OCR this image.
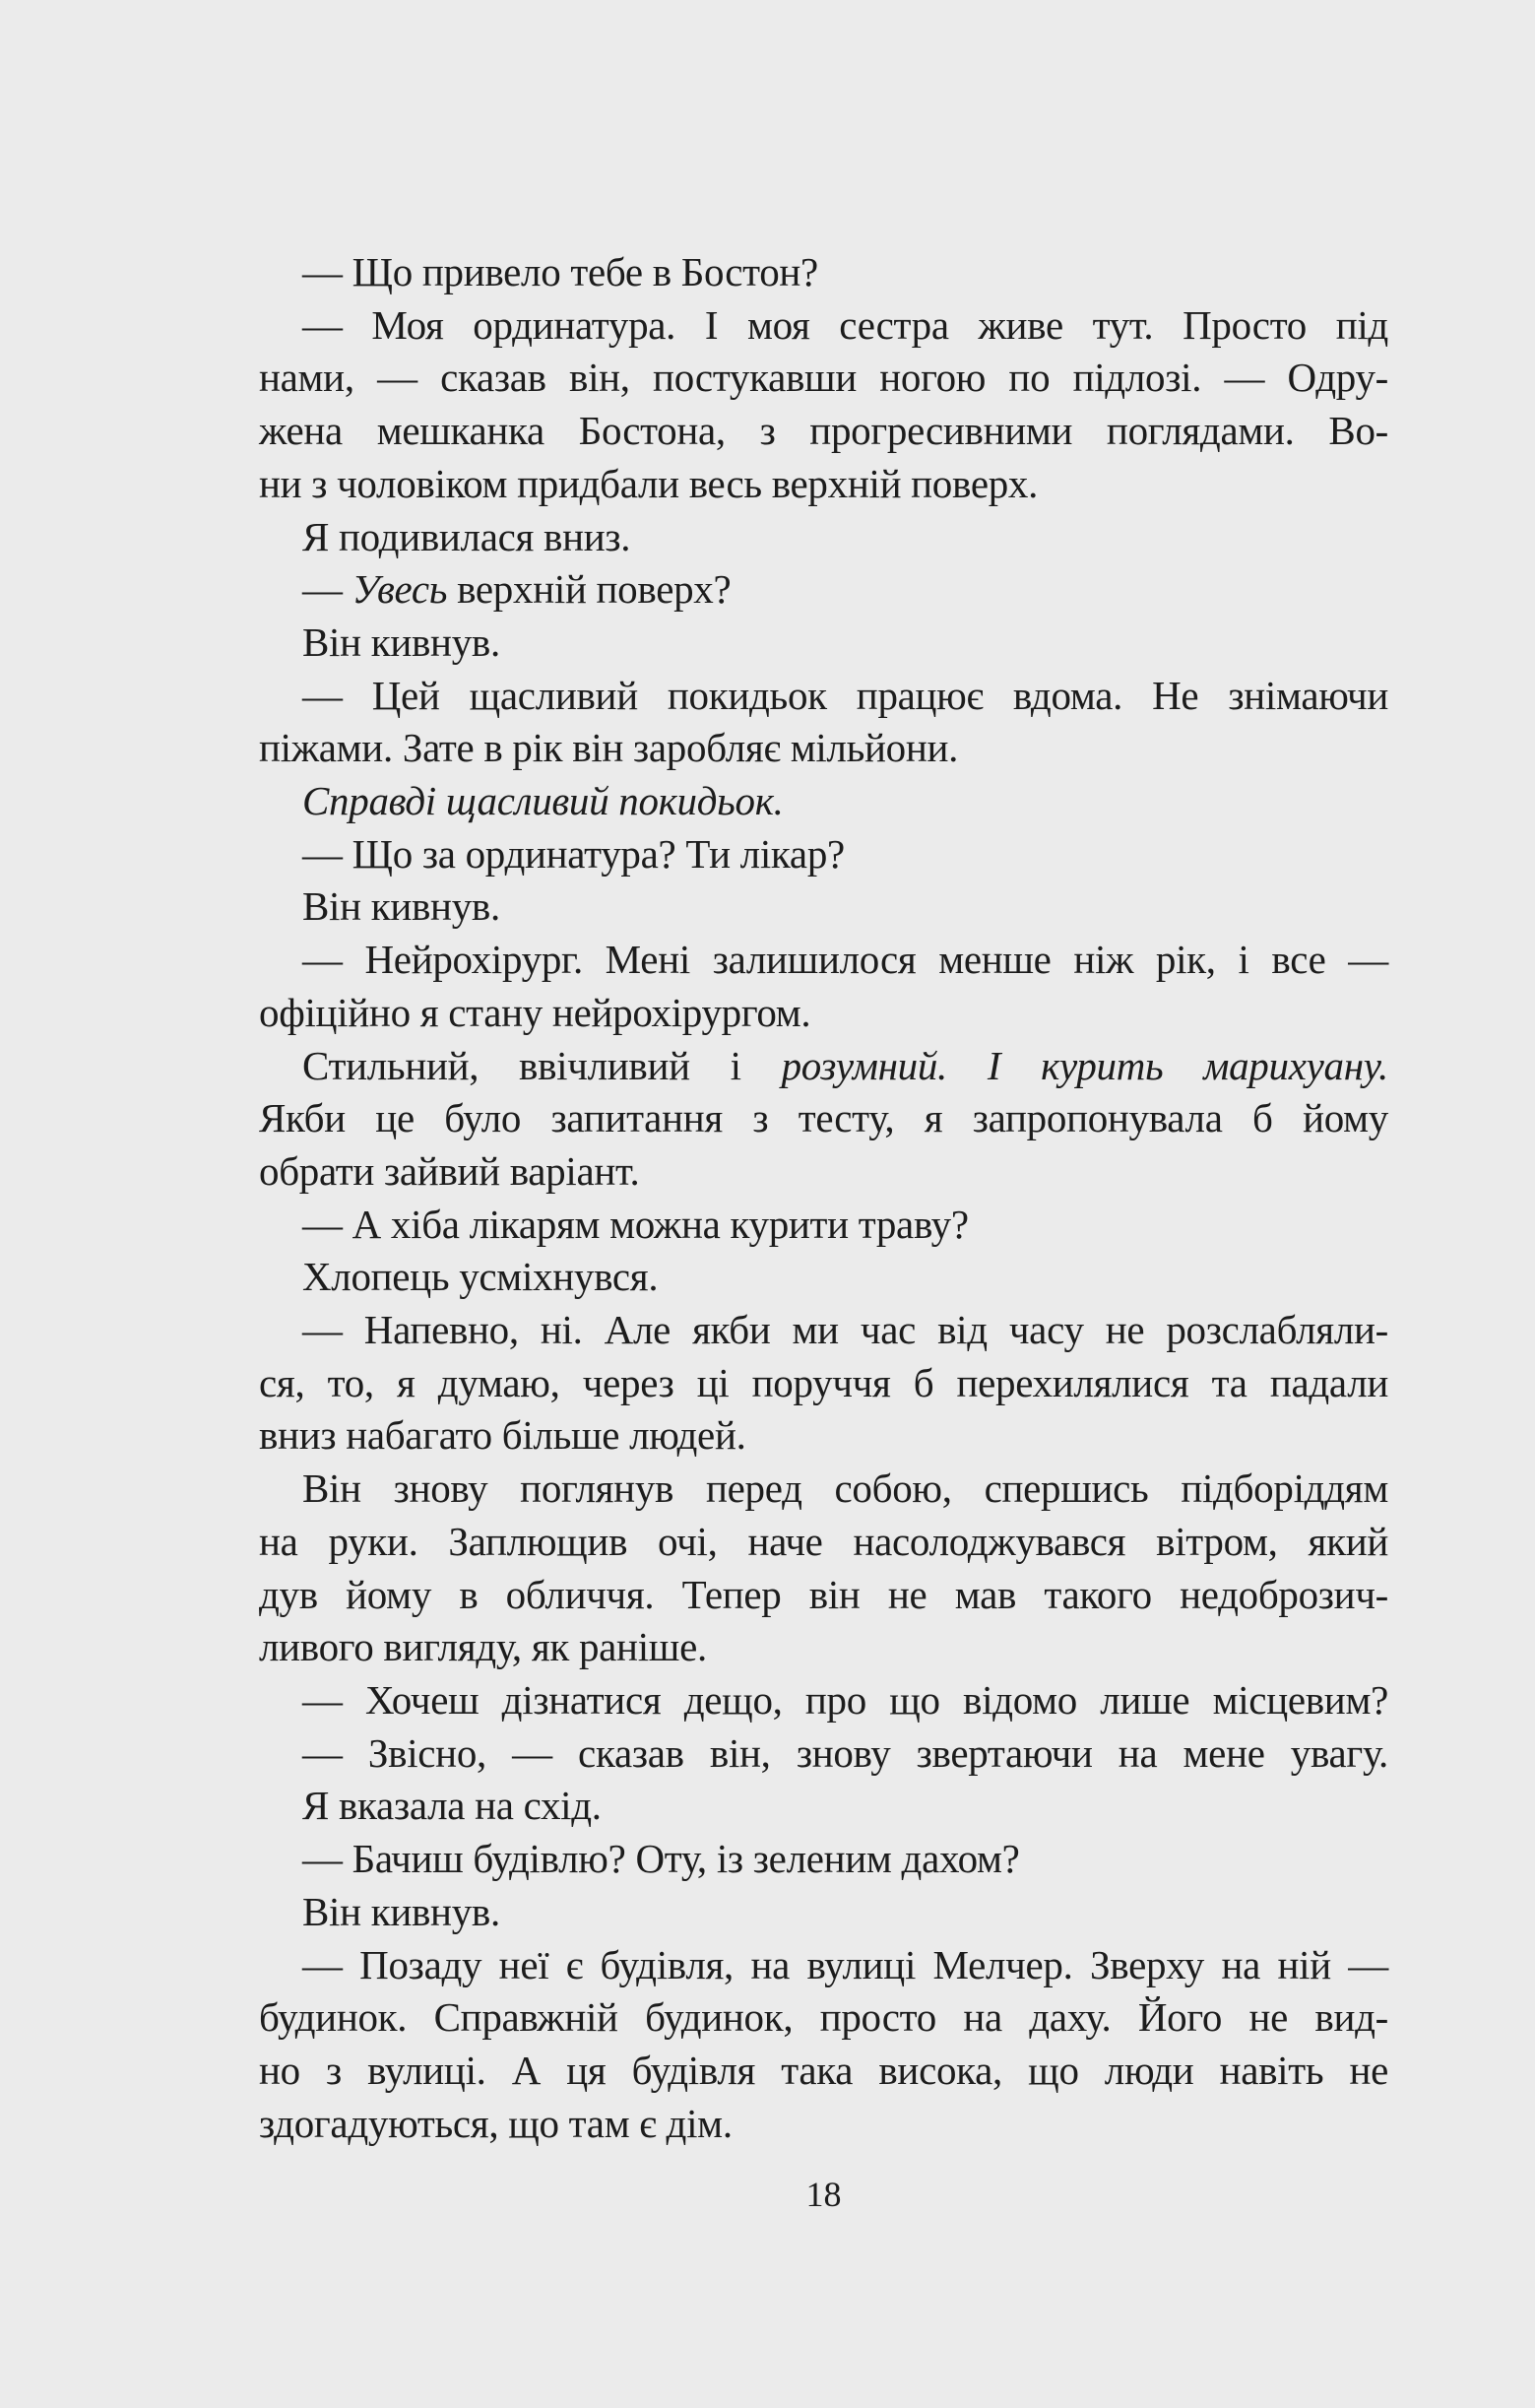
— Що привело тебе в Бостон?
— Моя ординатура. І моя сестра живе тут. Просто під
нами, — сказав він, постукавши ногою по підлозі. — Одру-
жена мешканка Бостона, з прогресивними поглядами. Во-
ни з чоловіком придбали весь верхній поверх.
Я подивилася вниз.
— Увесь верхній поверх?
Він кивнув.
— Цей щасливий покидьок працює вдома. Не знімаючи
піжами. Зате в рік він заробляє мільйони.
Справді щасливий покидьок.
— Що за ординатура? Ти лікар?
Він кивнув.
— Нейрохірург. Мені залишилося менше ніж рік, і все —
офіційно я стану нейрохірургом.
Стильний, ввічливий і розумний. І курить марихуану.
Якби це було запитання з тесту, я запропонувала б йому
обрати зайвий варіант.
— А хіба лікарям можна курити траву?
Хлопець усміхнувся.
— Напевно, ні. Але якби ми час від часу не розслабляли-
ся, то, я думаю, через ці поруччя б перехилялися та падали
вниз набагато більше людей.
Він знову поглянув перед собою, спершись підборіддям
на руки. Заплющив очі, наче насолоджувався вітром, який
дув йому в обличчя. Тепер він не мав такого недоброзич-
ливого вигляду, як раніше.
— Хочеш дізнатися дещо, про що відомо лише місцевим?
— Звісно, — сказав він, знову звертаючи на мене увагу.
Я вказала на схід.
— Бачиш будівлю? Оту, із зеленим дахом?
Він кивнув.
— Позаду неї є будівля, на вулиці Мелчер. Зверху на ній —
будинок. Справжній будинок, просто на даху. Його не вид-
но з вулиці. А ця будівля така висока, що люди навіть не
здогадуються, що там є дім.
18
